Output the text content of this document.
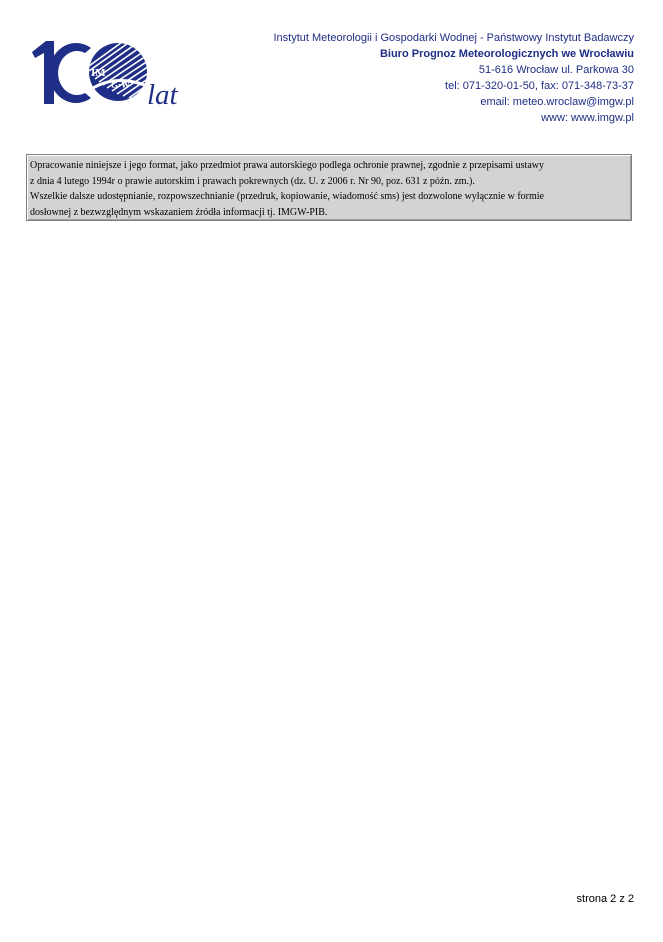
IM
G·W lat
Instytut Meteorologii i Gospodarki Wodnej - Państwowy Instytut Badawczy
Biuro Prognoz Meteorologicznych we Wrocławiu
51-616 Wrocław ul. Parkowa 30
tel: 071-320-01-50, fax: 071-348-73-37
email: meteo.wroclaw@imgw.pl
www: www.imgw.pl

Opracowanie niniejsze i jego format, jako przedmiot prawa autorskiego podlega ochronie prawnej, zgodnie z przepisami ustawy
z dnia 4 lutego 1994r o prawie autorskim i prawach pokrewnych (dz. U. z 2006 r. Nr 90, poz. 631 z późn. zm.).

Wszelkie dalsze udostępnianie, rozpowszechnianie (przedruk, kopiowanie, wiadomość sms) jest dozwolone wyłącznie w formie
dosłownej z bezwzględnym wskazaniem źródła informacji tj. IMGW-PIB.

strona 2 z 2
